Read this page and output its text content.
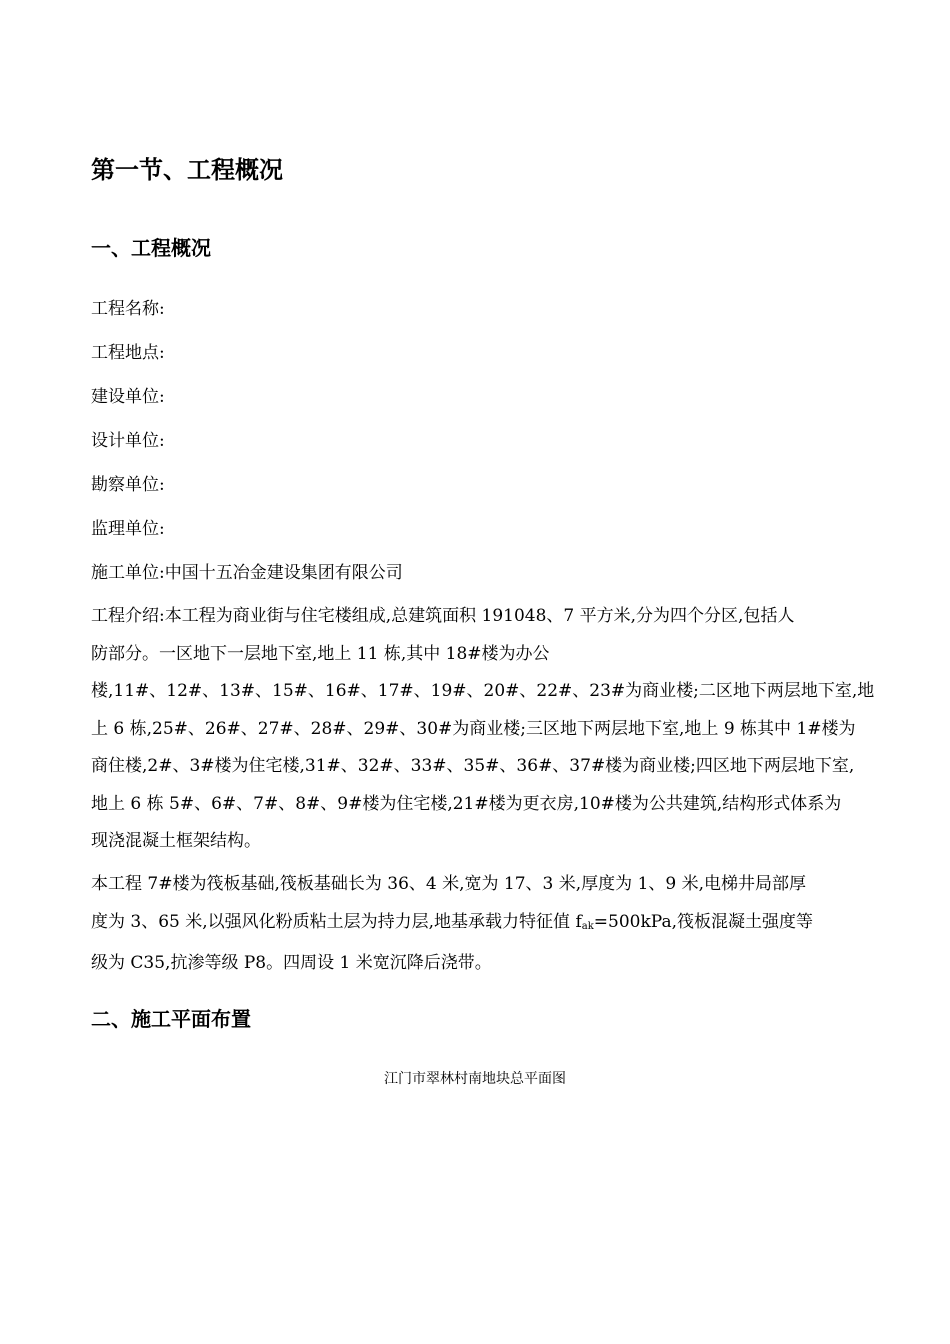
第一节、工程概况
一、工程概况
工程名称:
工程地点:
建设单位:
设计单位:
勘察单位:
监理单位:
施工单位:中国十五冶金建设集团有限公司
工程介绍:本工程为商业街与住宅楼组成,总建筑面积 191048、7 平方米,分为四个分区,包括人
防部分。一区地下一层地下室,地上 11 栋,其中 18#楼为办公
楼,11#、12#、13#、15#、16#、17#、19#、20#、22#、23#为商业楼;二区地下两层地下室,地
上 6 栋,25#、26#、27#、28#、29#、30#为商业楼;三区地下两层地下室,地上 9 栋其中 1#楼为
商住楼,2#、3#楼为住宅楼,31#、32#、33#、35#、36#、37#楼为商业楼;四区地下两层地下室,
地上 6 栋 5#、6#、7#、8#、9#楼为住宅楼,21#楼为更衣房,10#楼为公共建筑,结构形式体系为
现浇混凝土框架结构。
本工程 7#楼为筏板基础,筏板基础长为 36、4 米,宽为 17、3 米,厚度为 1、9 米,电梯井局部厚
度为 3、65 米,以强风化粉质粘土层为持力层,地基承载力特征值 $f_{ak}=500kPa$,筏板混凝土强度等
级为 C35,抗渗等级 P8。四周设 1 米宽沉降后浇带。
二、施工平面布置
江门市翠林村南地块总平面图
